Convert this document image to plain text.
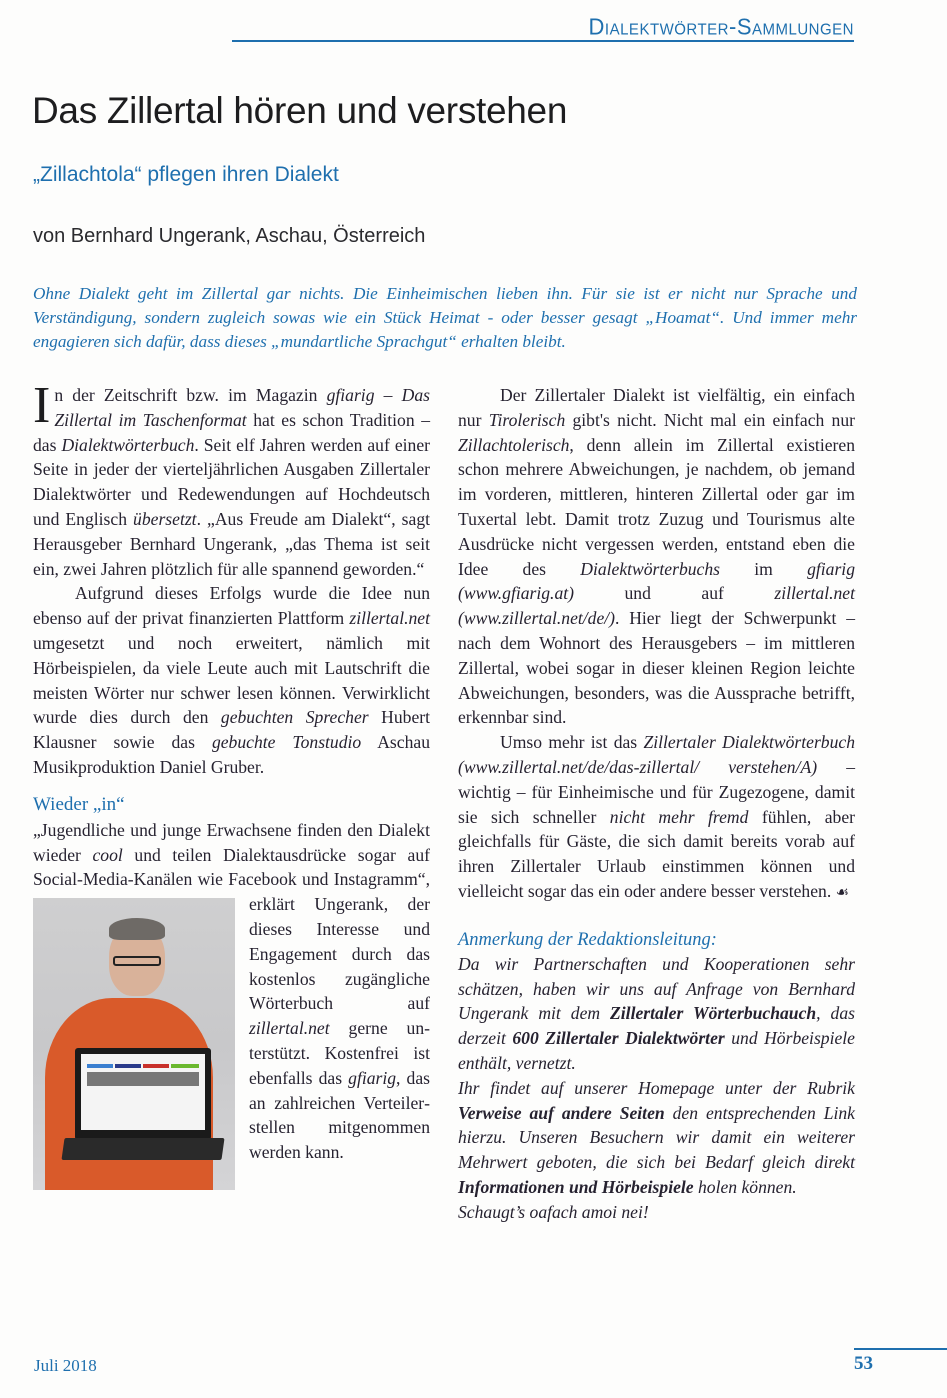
Dialektwörter-Sammlungen
Das Zillertal hören und verstehen
„Zillachtola“ pflegen ihren Dialekt
von Bernhard Ungerank, Aschau, Österreich

Ohne Dialekt geht im Zillertal gar nichts. Die Einheimischen lieben ihn. Für sie ist er nicht nur Sprache und Verständigung, sondern zugleich sowas wie ein Stück Heimat - oder besser gesagt „Hoamat“. Und immer mehr engagieren sich dafür, dass dieses „mundartliche Sprachgut“ erhalten bleibt.

In der Zeitschrift bzw. im Magazin gfiarig – Das Zillertal im Taschenformat hat es schon Tradition – das Dialektwörterbuch. Seit elf Jahren werden auf einer Seite in jeder der vierteljährlichen Ausgaben Zillertaler Dialektwörter und Redewendungen auf Hochdeutsch und Englisch übersetzt. „Aus Freude am Dialekt“, sagt Herausgeber Bernhard Ungerank, „das Thema ist seit ein, zwei Jahren plötzlich für alle spannend geworden.“

Aufgrund dieses Erfolgs wurde die Idee nun ebenso auf der privat finanzierten Plattform zillertal.net umgesetzt und noch erweitert, nämlich mit Hörbeispielen, da viele Leute auch mit Lautschrift die meisten Wörter nur schwer lesen können. Verwirklicht wurde dies durch den gebuchten Sprecher Hubert Klausner sowie das gebuchte Tonstudio Aschau Musikproduktion Daniel Gruber.

Wieder „in“

„Jugendliche und junge Erwachsene finden den Dialekt wieder cool und teilen Dialektausdrücke sogar auf Social-Media-Kanälen wie Facebook und Instagramm“,
erklärt Ungerank, der dieses Interesse und Engagement durch das kostenlos zugängliche Wörterbuch auf zillertal.net gerne unterstützt. Kostenfrei ist ebenfalls das gfiarig, das an zahlreichen Verteilerstellen mitgenommen werden kann.

Der Zillertaler Dialekt ist vielfältig, ein einfach nur Tirolerisch gibt's nicht. Nicht mal ein einfach nur Zillachtolerisch, denn allein im Zillertal existieren schon mehrere Abweichungen, je nachdem, ob jemand im vorderen, mittleren, hinteren Zillertal oder gar im Tuxertal lebt. Damit trotz Zuzug und Tourismus alte Ausdrücke nicht vergessen werden, entstand eben die Idee des Dialektwörterbuchs im gfiarig (www.gfiarig.at) und auf zillertal.net (www.zillertal.net/de/). Hier liegt der Schwerpunkt – nach dem Wohnort des Herausgebers – im mittleren Zillertal, wobei sogar in dieser kleinen Region leichte Abweichungen, besonders, was die Aussprache betrifft, erkennbar sind.

Umso mehr ist das Zillertaler Dialektwörterbuch (www.zillertal.net/de/das-zillertal/ verstehen/A) – wichtig – für Einheimische und für Zugezogene, damit sie sich schneller nicht mehr fremd fühlen, aber gleichfalls für Gäste, die sich damit bereits vorab auf ihren Zillertaler Urlaub einstimmen können und vielleicht sogar das ein oder andere besser verstehen. ☙

Anmerkung der Redaktionsleitung:

Da wir Partnerschaften und Kooperationen sehr schätzen, haben wir uns auf Anfrage von Bernhard Ungerank mit dem Zillertaler Wörterbuchauch, das derzeit 600 Zillertaler Dialektwörter und Hörbeispiele enthält, vernetzt.

Ihr findet auf unserer Homepage unter der Rubrik Verweise auf andere Seiten den entsprechenden Link hierzu. Unseren Besuchern wir damit ein weiterer Mehrwert geboten, die sich bei Bedarf gleich direkt Informationen und Hörbeispiele holen können.

Schaugt’s oafach amoi nei!

Juli 2018	53
